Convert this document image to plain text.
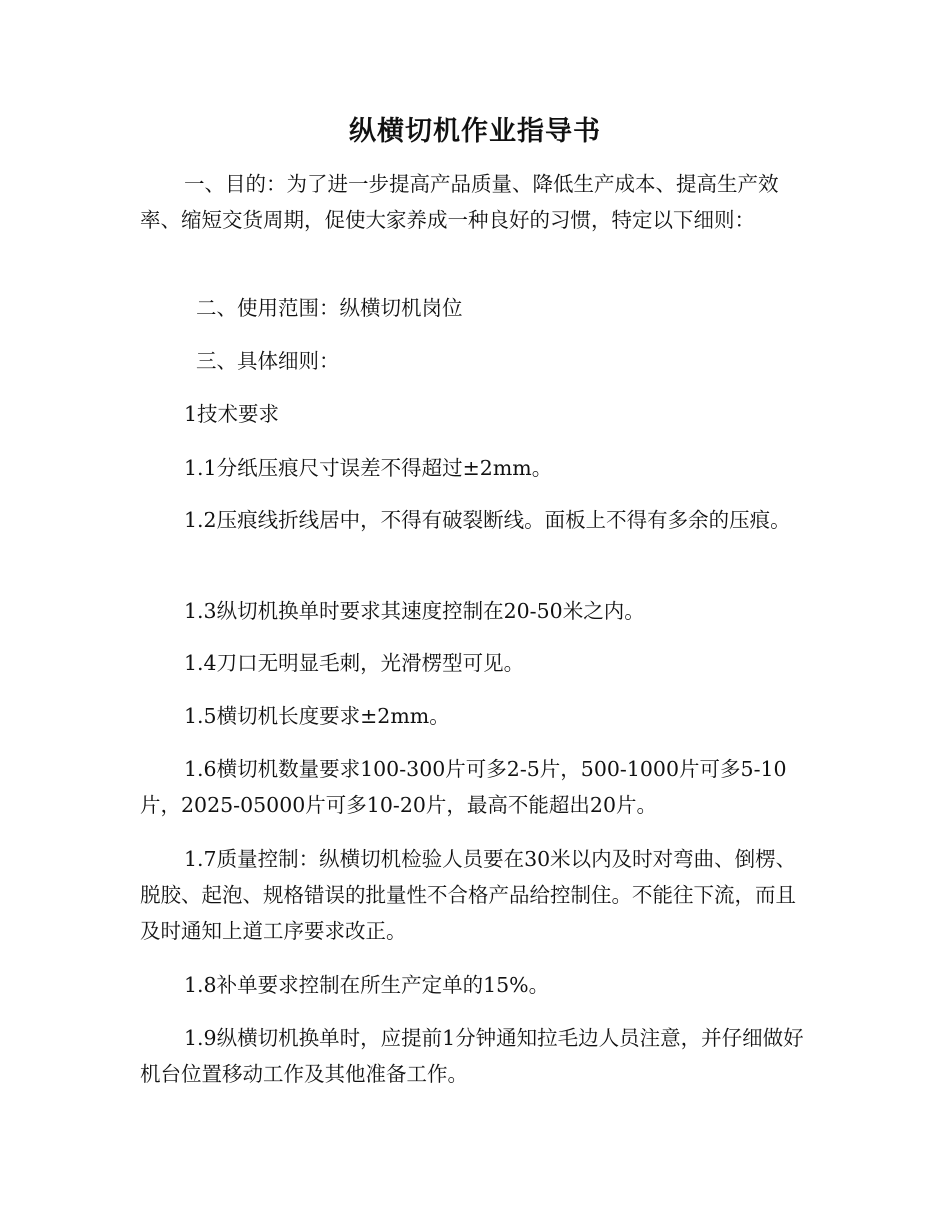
纵横切机作业指导书
一、目的：为了进一步提高产品质量、降低生产成本、提高生产效率、缩短交货周期，促使大家养成一种良好的习惯，特定以下细则：
二、使用范围：纵横切机岗位
三、具体细则：
1技术要求
1.1分纸压痕尺寸误差不得超过±2mm。
1.2压痕线折线居中，不得有破裂断线。面板上不得有多余的压痕。
1.3纵切机换单时要求其速度控制在20-50米之内。
1.4刀口无明显毛刺，光滑楞型可见。
1.5横切机长度要求±2mm。
1.6横切机数量要求100-300片可多2-5片，500-1000片可多5-10片，2025-05000片可多10-20片，最高不能超出20片。
1.7质量控制：纵横切机检验人员要在30米以内及时对弯曲、倒楞、脱胶、起泡、规格错误的批量性不合格产品给控制住。不能往下流，而且及时通知上道工序要求改正。
1.8补单要求控制在所生产定单的15%。
1.9纵横切机换单时，应提前1分钟通知拉毛边人员注意，并仔细做好机台位置移动工作及其他准备工作。
